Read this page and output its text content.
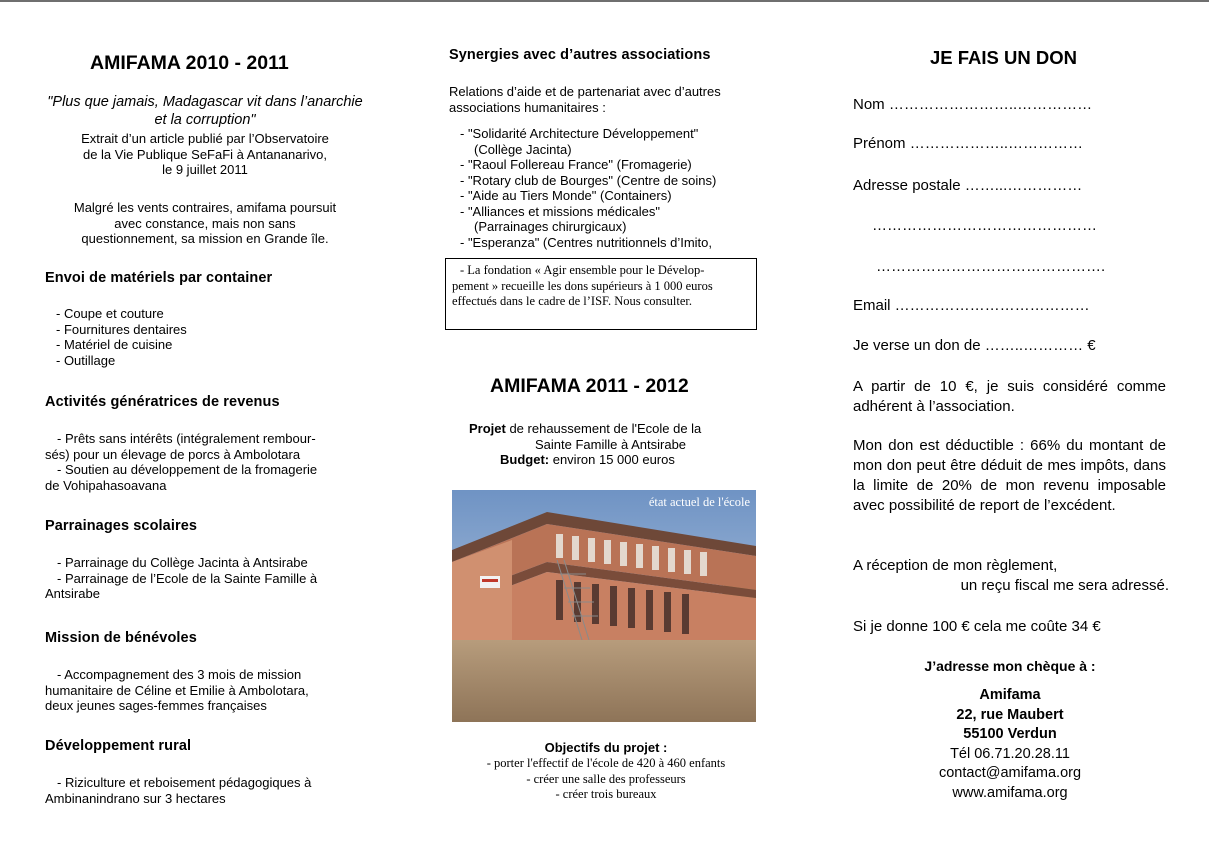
AMIFAMA 2010 - 2011
"Plus que jamais, Madagascar vit dans l’anarchie et la corruption"
Extrait d’un article publié par l’Observatoire
de la Vie Publique SeFaFi à Antananarivo,
le 9 juillet 2011
Malgré les vents contraires, amifama poursuit
avec constance, mais non sans
questionnement, sa mission en Grande île.
Envoi de matériels par container
- Coupe et couture
- Fournitures dentaires
- Matériel de cuisine
- Outillage
Activités génératrices de revenus
- Prêts sans intérêts (intégralement rembour-
sés) pour un élevage de porcs à Ambolotara
- Soutien au développement de la fromagerie
de Vohipahasoavana
Parrainages scolaires
- Parrainage du Collège Jacinta à Antsirabe
- Parrainage de l’Ecole de la Sainte Famille à
Antsirabe
Mission de bénévoles
- Accompagnement des 3 mois de mission
humanitaire de Céline et Emilie à Ambolotara,
deux jeunes sages-femmes françaises
Développement rural
- Riziculture et reboisement pédagogiques à
Ambinanindrano sur 3 hectares
Synergies avec d’autres associations
Relations d’aide et de partenariat avec d’autres
associations humanitaires :
- "Solidarité Architecture Développement"
(Collège Jacinta)
- "Raoul Follereau France" (Fromagerie)
- "Rotary club de Bourges" (Centre de soins)
- "Aide au Tiers Monde" (Containers)
- "Alliances et missions médicales"
(Parrainages chirurgicaux)
- "Esperanza" (Centres nutritionnels d’Imito,
- La fondation « Agir ensemble pour le Dévelop-
pement » recueille les dons supérieurs à 1 000 euros
effectués dans le cadre de l’ISF. Nous consulter.
AMIFAMA 2011 - 2012
Projet de rehaussement de l'Ecole de la
Sainte Famille à Antsirabe
Budget: environ 15 000 euros
état actuel de l'école
Objectifs du projet :
- porter l'effectif de l'école de 420 à 460 enfants
- créer une salle des professeurs
- créer trois bureaux
JE FAIS UN DON
Nom ……………………..……………
Prénom ………………..……………
Adresse postale ……...……………
………………………………………
……………………………………….
Email …………………………………
Je verse un don de ……..………… €
A partir de 10 €, je suis considéré comme adhérent à l’association.
Mon don est déductible : 66% du montant de mon don peut être déduit de mes impôts, dans la limite de 20% de mon revenu imposable avec possibilité de report de l’excédent.
A réception de mon règlement,
un reçu fiscal me sera adressé.
Si je donne 100 € cela me coûte 34 €
J’adresse mon chèque à :
Amifama
22, rue Maubert
55100 Verdun
Tél 06.71.20.28.11
contact@amifama.org
www.amifama.org
